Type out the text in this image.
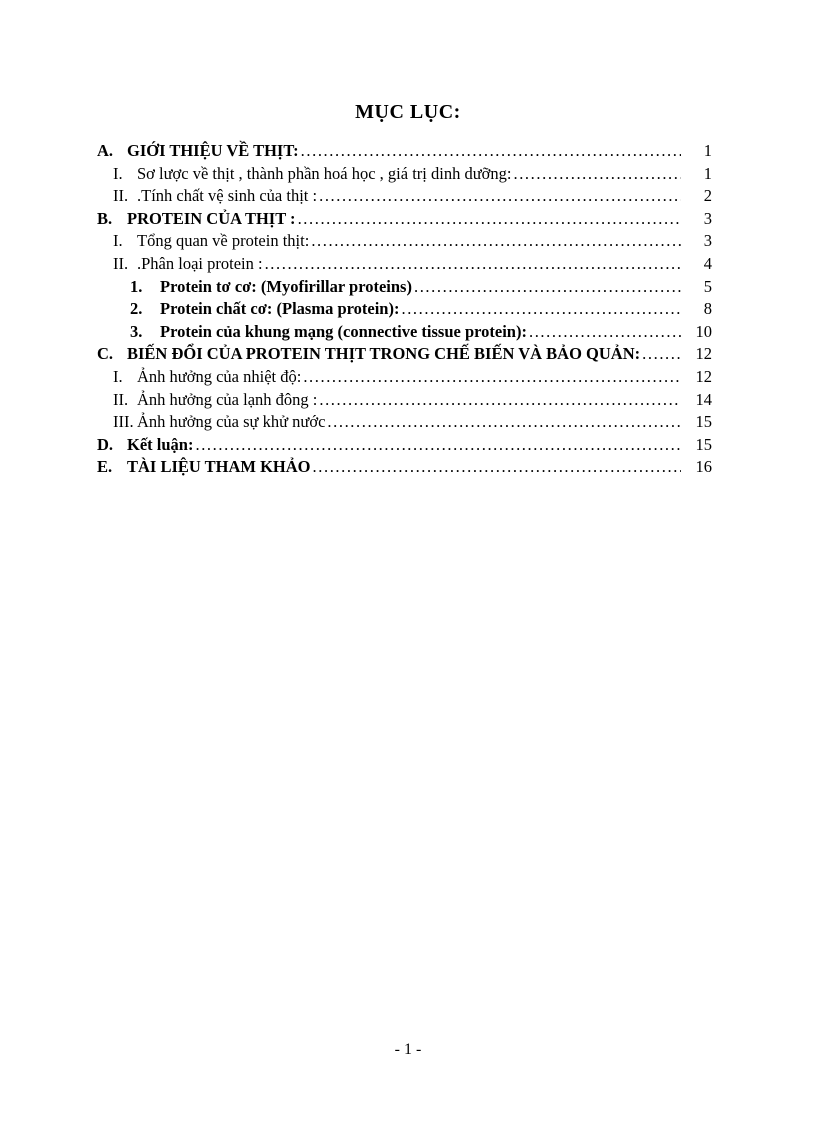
MỤC LỤC:
A. GIỚI THIỆU VỀ THỊT: .....	1
I. Sơ lược về thịt , thành phần hoá học , giá trị dinh dưỡng: .....	1
II. .Tính chất vệ sinh của thịt : .....	2
B. PROTEIN CỦA THỊT : .....	3
I. Tổng quan về protein thịt: .....	3
II. .Phân loại protein : .....	4
1.	Protein tơ cơ: (Myofirillar proteins) .....	5
2.	Protein chất cơ: (Plasma protein): .....	8
3.	Protein của khung mạng (connective tissue protein): .....	10
C. BIẾN ĐỔI CỦA PROTEIN THỊT TRONG CHẾ BIẾN VÀ BẢO QUẢN: .....	12
I. Ảnh hưởng của nhiệt độ: .....	12
II. Ảnh hưởng của lạnh đông : .....	14
III. Ảnh hưởng của sự khử nước .....	15
D. Kết luận: .....	15
E. TÀI LIỆU THAM KHẢO .....	16
- 1 -
